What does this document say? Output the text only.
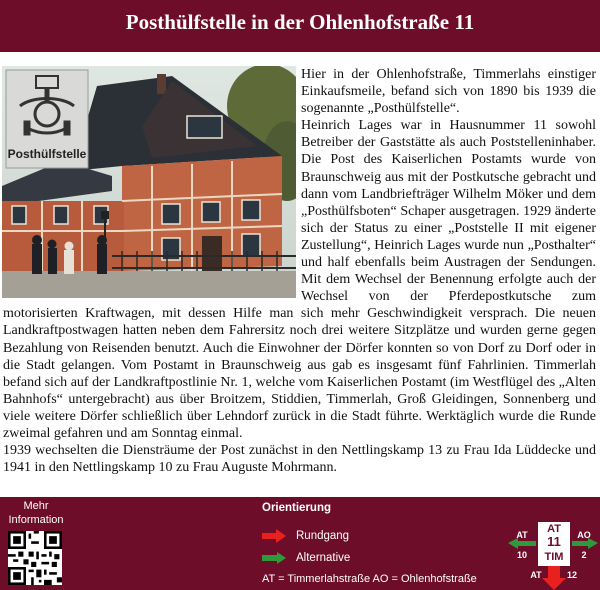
Posthülfstelle in der Ohlenhofstraße 11
Posthülfstelle

Hier in der Ohlenhofstraße, Timmerlahs einstiger Einkaufsmeile, befand sich von 1890 bis 1939 die sogenannte „Posthülfstelle“.

Heinrich Lages war in Hausnummer 11 sowohl Betreiber der Gaststätte als auch Poststelleninhaber. Die Post des Kaiserlichen Postamts wurde von Braunschweig aus mit der Postkutsche gebracht und dann vom Landbriefträger Wilhelm Möker und dem „Posthülfsboten“ Schaper ausgetragen. 1929 änderte sich der Status zu einer „Poststelle II mit eigener Zustellung“, Heinrich Lages wurde nun „Posthalter“ und half ebenfalls beim Austragen der Sendungen. Mit dem Wechsel der Benennung erfolgte auch der Wechsel von der Pferdepostkutsche zum motorisierten Kraftwagen, mit dessen Hilfe man sich mehr Geschwindigkeit versprach. Die neuen Landkraftpostwagen hatten neben dem Fahrersitz noch drei weitere Sitzplätze und wurden gerne gegen Bezahlung von Reisenden benutzt. Auch die Einwohner der Dörfer konnten so von Dorf zu Dorf oder in die Stadt gelangen. Vom Postamt in Braunschweig aus gab es insgesamt fünf Fahrlinien. Timmerlah befand sich auf der Landkraftpostlinie Nr. 1, welche vom Kaiserlichen Postamt (im Westflügel des „Alten Bahnhofs“ untergebracht) aus über Broitzem, Stiddien, Timmerlah, Groß Gleidingen, Sonnenberg und viele weitere Dörfer schließlich über Lehndorf zurück in die Stadt führte. Werktäglich wurde die Runde zweimal gefahren und am Sonntag einmal.

1939 wechselten die Diensträume der Post zunächst in den Nettlingskamp 13 zu Frau Ida Lüddecke und 1941 in den Nettlingskamp 10 zu Frau Auguste Mohrmann.

Mehr
Information
Orientierung
Rundgang
Alternative
AT = Timmerlahstraße AO = Ohlenhofstraße
AT
11
TIM
AT
10
AO
2
AT	12
